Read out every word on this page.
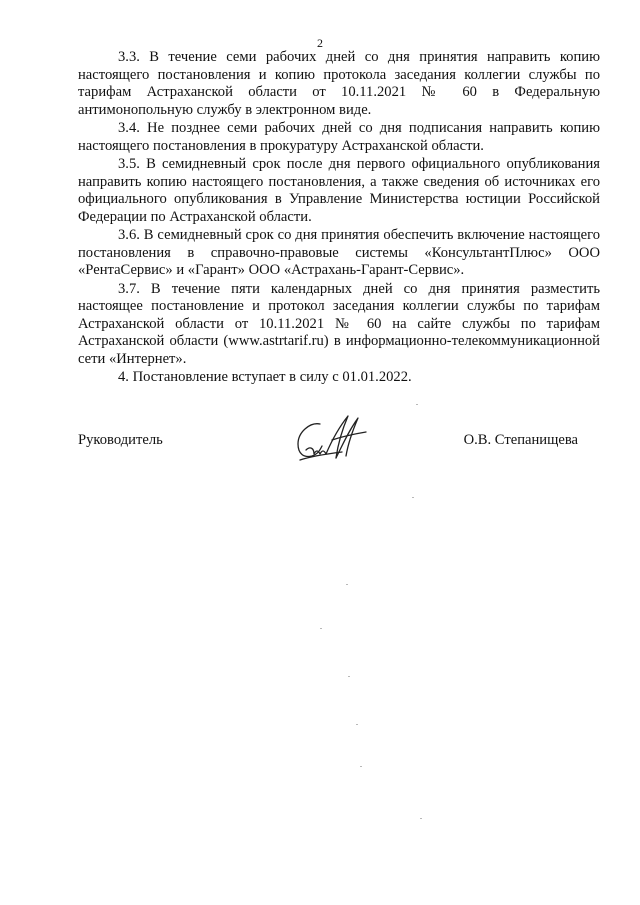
2

3.3. В течение семи рабочих дней со дня принятия направить копию настоящего постановления и копию протокола заседания коллегии службы по тарифам Астраханской области от 10.11.2021 № 60 в Федеральную антимонопольную службу в электронном виде.

3.4. Не позднее семи рабочих дней со дня подписания направить копию настоящего постановления в прокуратуру Астраханской области.

3.5. В семидневный срок после дня первого официального опубликования направить копию настоящего постановления, а также сведения об источниках его официального опубликования в Управление Министерства юстиции Российской Федерации по Астраханской области.

3.6. В семидневный срок со дня принятия обеспечить включение настоящего постановления в справочно-правовые системы «КонсультантПлюс» ООО «РентаСервис» и «Гарант» ООО «Астрахань-Гарант-Сервис».

3.7. В течение пяти календарных дней со дня принятия разместить настоящее постановление и протокол заседания коллегии службы по тарифам Астраханской области от 10.11.2021 № 60 на сайте службы по тарифам Астраханской области (www.astrtarif.ru) в информационно-телекоммуникационной сети «Интернет».

4. Постановление вступает в силу с 01.01.2022.

Руководитель	О.В. Степанищева
